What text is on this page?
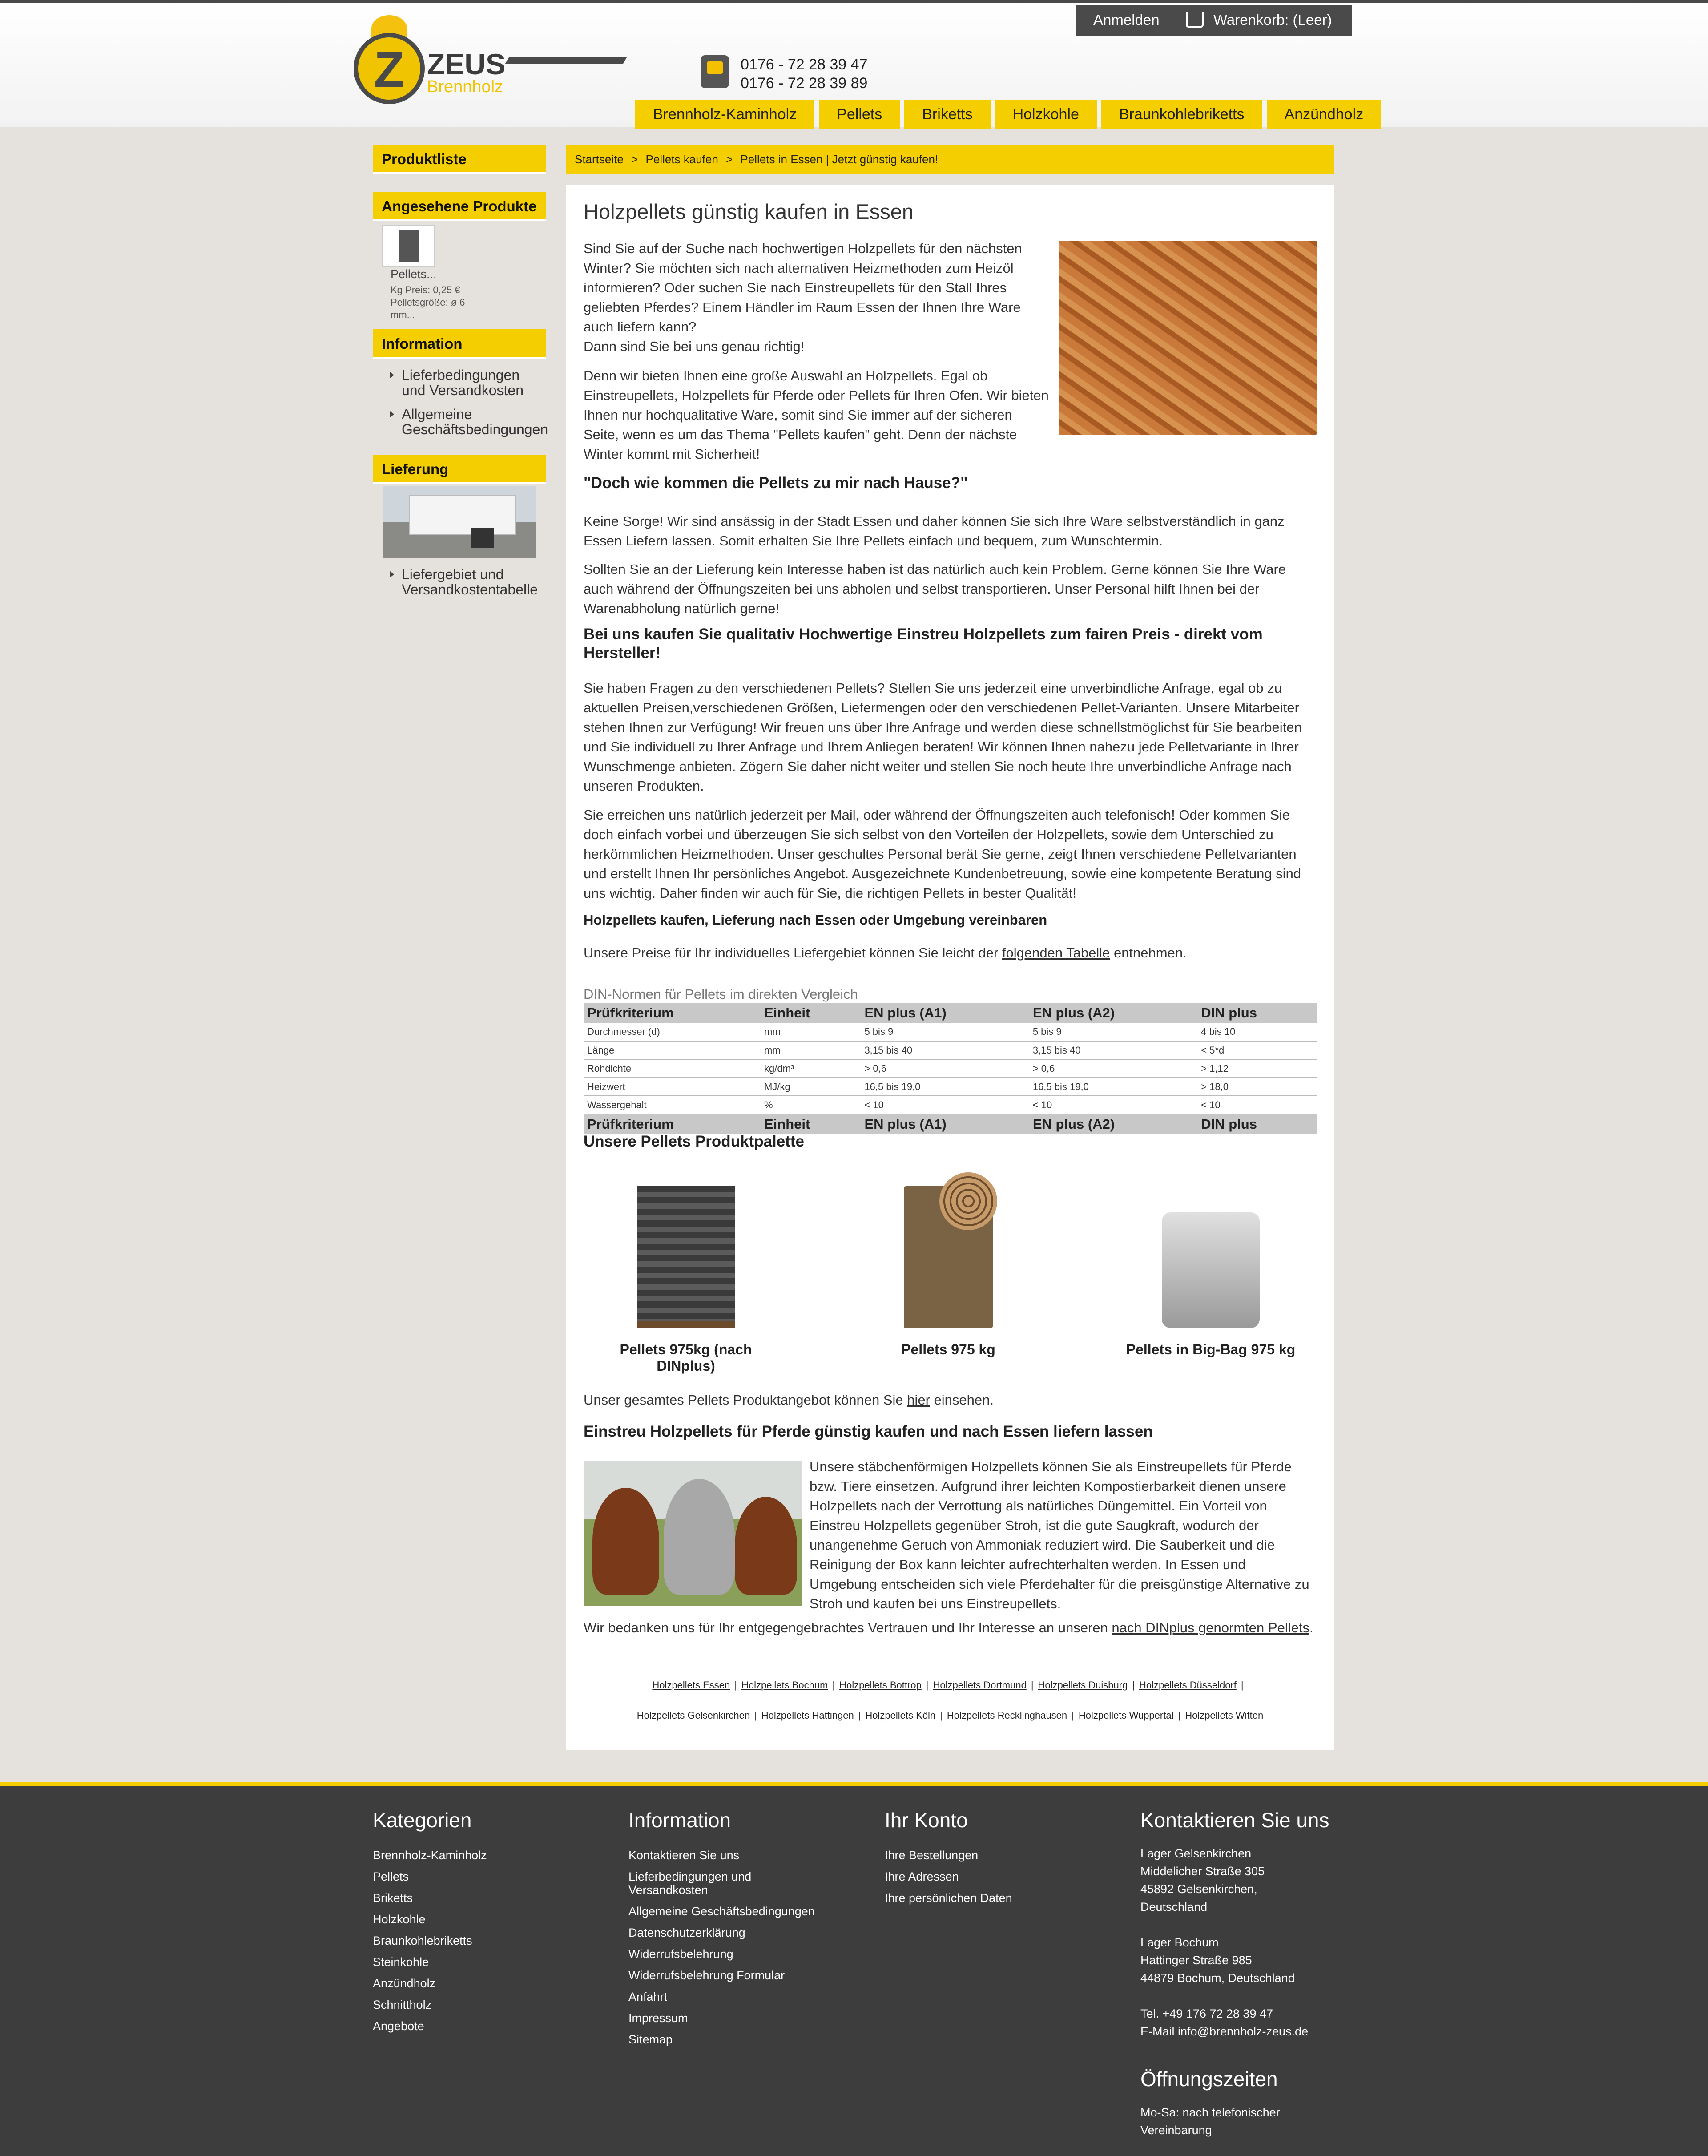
Z ZEUS
Brennholz
0176 - 72 28 39 47
0176 - 72 28 39 89
Anmelden	Warenkorb: (Leer)
Brennholz-Kaminholz	Pellets	Briketts	Holzkohle	Braunkohlebriketts	Anzündholz
Produktliste
Angesehene Produkte
Pellets...
Kg Preis: 0,25 €
Pelletsgröße: ø 6 mm...
Information
Lieferbedingungen und Versandkosten
Allgemeine Geschäftsbedingungen
Lieferung
Liefergebiet und Versandkostentabelle
Startseite > Pellets kaufen > Pellets in Essen | Jetzt günstig kaufen!
Holzpellets günstig kaufen in Essen
Sind Sie auf der Suche nach hochwertigen Holzpellets für den nächsten Winter? Sie möchten sich nach alternativen Heizmethoden zum Heizöl informieren? Oder suchen Sie nach Einstreupellets für den Stall Ihres geliebten Pferdes? Einem Händler im Raum Essen der Ihnen Ihre Ware auch liefern kann?
Dann sind Sie bei uns genau richtig!
Denn wir bieten Ihnen eine große Auswahl an Holzpellets. Egal ob Einstreupellets, Holzpellets für Pferde oder Pellets für Ihren Ofen. Wir bieten Ihnen nur hochqualitative Ware, somit sind Sie immer auf der sicheren Seite, wenn es um das Thema "Pellets kaufen" geht. Denn der nächste Winter kommt mit Sicherheit!
"Doch wie kommen die Pellets zu mir nach Hause?"
Keine Sorge! Wir sind ansässig in der Stadt Essen und daher können Sie sich Ihre Ware selbstverständlich in ganz Essen Liefern lassen. Somit erhalten Sie Ihre Pellets einfach und bequem, zum Wunschtermin.
Sollten Sie an der Lieferung kein Interesse haben ist das natürlich auch kein Problem. Gerne können Sie Ihre Ware auch während der Öffnungszeiten bei uns abholen und selbst transportieren. Unser Personal hilft Ihnen bei der Warenabholung natürlich gerne!
Bei uns kaufen Sie qualitativ Hochwertige Einstreu Holzpellets zum fairen Preis - direkt vom Hersteller!
Sie haben Fragen zu den verschiedenen Pellets? Stellen Sie uns jederzeit eine unverbindliche Anfrage, egal ob zu aktuellen Preisen,verschiedenen Größen, Liefermengen oder den verschiedenen Pellet-Varianten. Unsere Mitarbeiter stehen Ihnen zur Verfügung! Wir freuen uns über Ihre Anfrage und werden diese schnellstmöglichst für Sie bearbeiten und Sie individuell zu Ihrer Anfrage und Ihrem Anliegen beraten! Wir können Ihnen nahezu jede Pelletvariante in Ihrer Wunschmenge anbieten. Zögern Sie daher nicht weiter und stellen Sie noch heute Ihre unverbindliche Anfrage nach unseren Produkten.
Sie erreichen uns natürlich jederzeit per Mail, oder während der Öffnungszeiten auch telefonisch! Oder kommen Sie doch einfach vorbei und überzeugen Sie sich selbst von den Vorteilen der Holzpellets, sowie dem Unterschied zu herkömmlichen Heizmethoden. Unser geschultes Personal berät Sie gerne, zeigt Ihnen verschiedene Pelletvarianten und erstellt Ihnen Ihr persönliches Angebot. Ausgezeichnete Kundenbetreuung, sowie eine kompetente Beratung sind uns wichtig. Daher finden wir auch für Sie, die richtigen Pellets in bester Qualität!
Holzpellets kaufen, Lieferung nach Essen oder Umgebung vereinbaren
Unsere Preise für Ihr individuelles Liefergebiet können Sie leicht der folgenden Tabelle entnehmen.
DIN-Normen für Pellets im direkten Vergleich
Prüfkriterium	Einheit	EN plus (A1)	EN plus (A2)	DIN plus
Durchmesser (d)	mm	5 bis 9	5 bis 9	4 bis 10
Länge	mm	3,15 bis 40	3,15 bis 40	< 5*d
Rohdichte	kg/dm³	> 0,6	> 0,6	> 1,12
Heizwert	MJ/kg	16,5 bis 19,0	16,5 bis 19,0	> 18,0
Wassergehalt	%	< 10	< 10	< 10
Prüfkriterium	Einheit	EN plus (A1)	EN plus (A2)	DIN plus
Unsere Pellets Produktpalette
Pellets 975kg (nach DINplus)
Pellets 975 kg	Pellets in Big-Bag 975 kg
Unser gesamtes Pellets Produktangebot können Sie hier einsehen.
Einstreu Holzpellets für Pferde günstig kaufen und nach Essen liefern lassen
Unsere stäbchenförmigen Holzpellets können Sie als Einstreupellets für Pferde bzw. Tiere einsetzen. Aufgrund ihrer leichten Kompostierbarkeit dienen unsere Holzpellets nach der Verrottung als natürliches Düngemittel. Ein Vorteil von Einstreu Holzpellets gegenüber Stroh, ist die gute Saugkraft, wodurch der unangenehme Geruch von Ammoniak reduziert wird. Die Sauberkeit und die Reinigung der Box kann leichter aufrechterhalten werden. In Essen und Umgebung entscheiden sich viele Pferdehalter für die preisgünstige Alternative zu Stroh und kaufen bei uns Einstreupellets.
Wir bedanken uns für Ihr entgegengebrachtes Vertrauen und Ihr Interesse an unseren nach DINplus genormten Pellets.
Holzpellets Essen | Holzpellets Bochum | Holzpellets Bottrop | Holzpellets Dortmund | Holzpellets Duisburg | Holzpellets Düsseldorf |
Holzpellets Gelsenkirchen | Holzpellets Hattingen | Holzpellets Köln | Holzpellets Recklinghausen | Holzpellets Wuppertal | Holzpellets Witten
Kategorien
Brennholz-Kaminholz
Pellets
Briketts
Holzkohle
Braunkohlebriketts
Steinkohle
Anzündholz
Schnittholz
Angebote
Information
Kontaktieren Sie uns
Lieferbedingungen und Versandkosten
Allgemeine Geschäftsbedingungen
Datenschutzerklärung
Widerrufsbelehrung
Widerrufsbelehrung Formular
Anfahrt
Impressum
Sitemap
Ihr Konto
Ihre Bestellungen
Ihre Adressen
Ihre persönlichen Daten
Kontaktieren Sie uns

Lager Gelsenkirchen

Middelicher Straße 305

45892 Gelsenkirchen,

Deutschland

Lager Bochum

Hattinger Straße 985

44879 Bochum, Deutschland

Tel. +49 176 72 28 39 47

E-Mail info@brennholz-zeus.de

Öffnungszeiten

Mo-Sa: nach telefonischer Vereinbarung
